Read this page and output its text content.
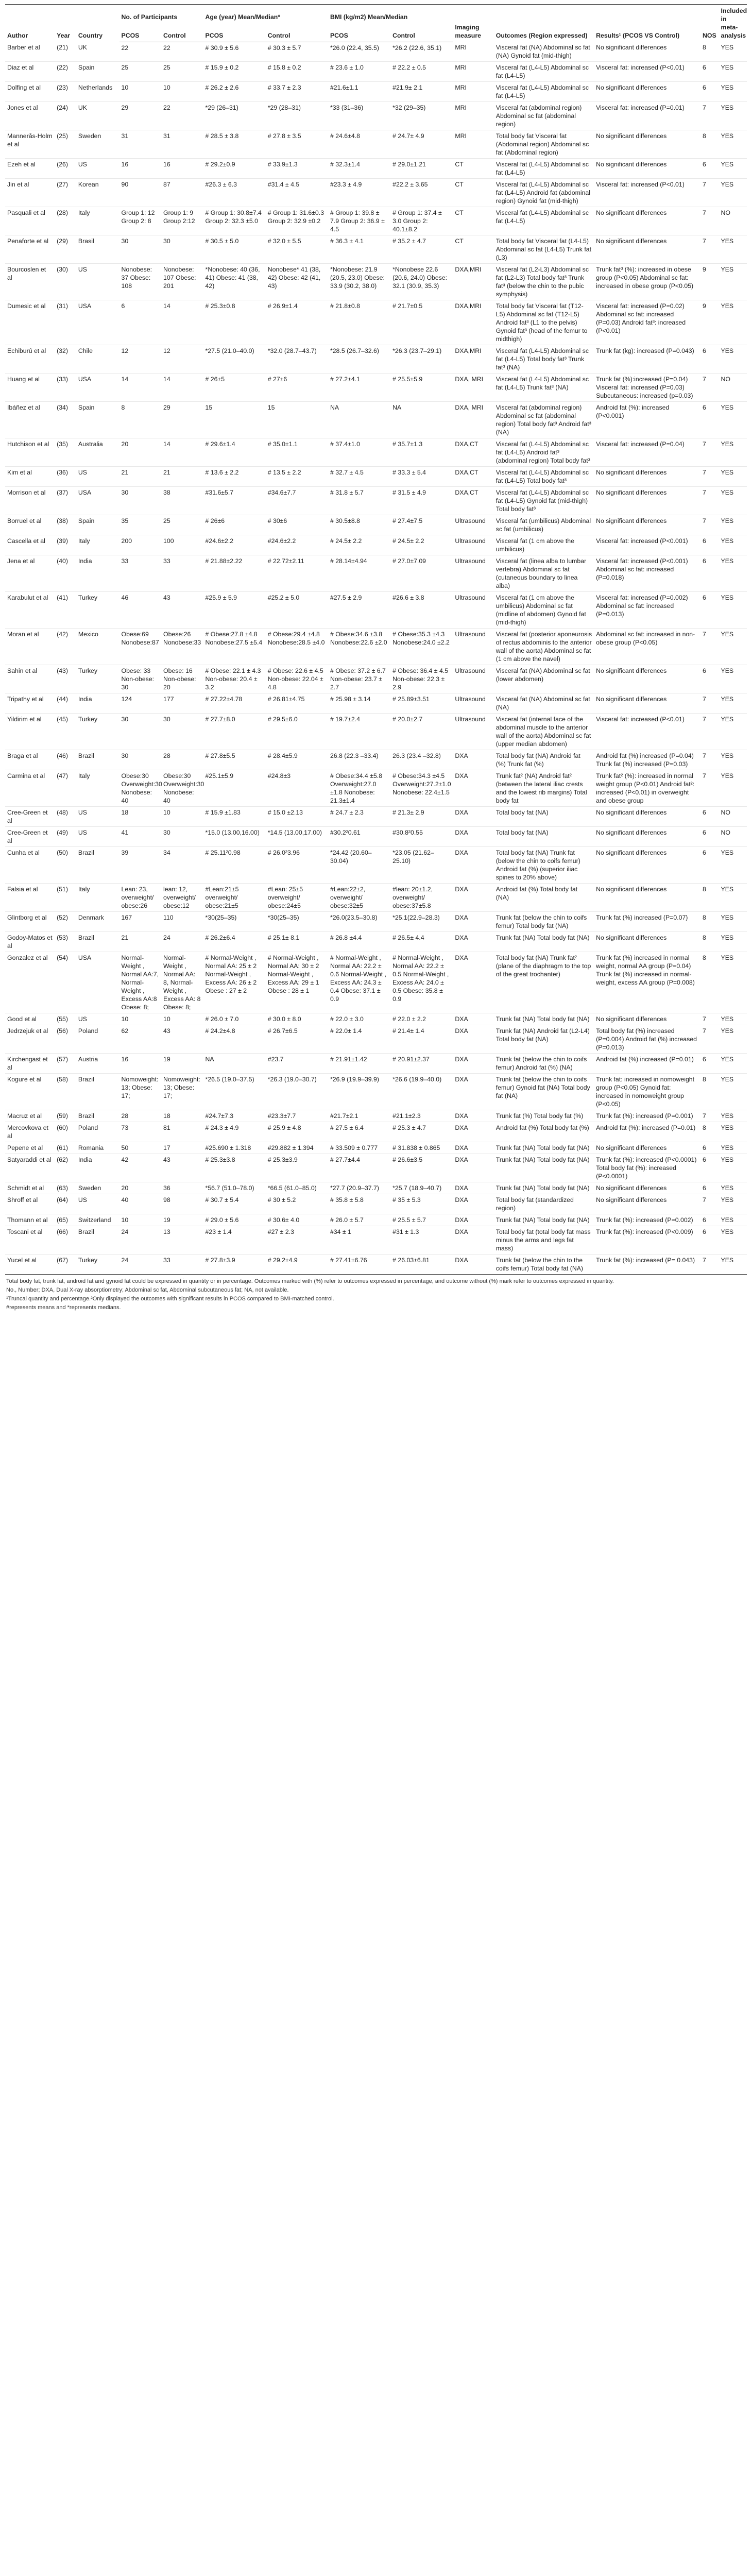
Author	Year	Country	No. of Participants		Age (year) Mean/Median*		BMI (kg/m2) Mean/Median		Imaging measure	Outcomes (Region expressed)	Results¹ (PCOS VS Control)	NOS	Included in meta-analysis
			PCOS	Control	PCOS	Control	PCOS	Control					
Barber et al	(21)	UK	22	22	# 30.9 ± 5.6	# 30.3 ± 5.7	*26.0 (22.4, 35.5)	*26.2 (22.6, 35.1)	MRI	Visceral fat (NA) Abdominal sc fat (NA) Gynoid fat (mid-thigh)	No significant differences	8	YES
Diaz et al	(22)	Spain	25	25	# 15.9 ± 0.2	# 15.8 ± 0.2	# 23.6 ± 1.0	# 22.2 ± 0.5	MRI	Visceral fat (L4-L5) Abdominal sc fat (L4-L5)	Visceral fat: increased (P<0.01)	6	YES
Dolfing et al	(23)	Netherlands	10	10	# 26.2 ± 2.6	# 33.7 ± 2.3	#21.6±1.1	#21.9± 2.1	MRI	Visceral fat (L4-L5) Abdominal sc fat (L4-L5)	No significant differences	6	YES
Jones et al	(24)	UK	29	22	*29 (26–31)	*29 (28–31)	*33 (31–36)	*32 (29–35)	MRI	Visceral fat (abdominal region) Abdominal sc fat (abdominal region)	Visceral fat: increased (P=0.01)	7	YES
Mannerås-Holm et al	(25)	Sweden	31	31	# 28.5 ± 3.8	# 27.8 ± 3.5	# 24.6±4.8	# 24.7± 4.9	MRI	Total body fat Visceral fat (Abdominal region) Abdominal sc fat (Abdominal region)	No significant differences	8	YES
Ezeh et al	(26)	US	16	16	# 29.2±0.9	# 33.9±1.3	# 32.3±1.4	# 29.0±1.21	CT	Visceral fat (L4-L5) Abdominal sc fat (L4-L5)	No significant differences	6	YES
Jin et al	(27)	Korean	90	87	#26.3 ± 6.3	#31.4 ± 4.5	#23.3 ± 4.9	#22.2 ± 3.65	CT	Visceral fat (L4-L5) Abdominal sc fat (L4-L5) Android fat (abdominal region) Gynoid fat (mid-thigh)	Visceral fat: increased (P<0.01)	7	YES
Pasquali et al	(28)	Italy	Group 1: 12 Group 2: 8	Group 1: 9 Group 2:12	# Group 1: 30.8±7.4 Group 2: 32.3 ±5.0	# Group 1: 31.6±0.3 Group 2: 32.9 ±0.2	# Group 1: 39.8 ± 7.9 Group 2: 36.9 ± 4.5	# Group 1: 37.4 ± 3.0 Group 2: 40.1±8.2	CT	Visceral fat (L4-L5) Abdominal sc fat (L4-L5)	No significant differences	7	NO
Penaforte et al	(29)	Brasil	30	30	# 30.5 ± 5.0	# 32.0 ± 5.5	# 36.3 ± 4.1	# 35.2 ± 4.7	CT	Total body fat Visceral fat (L4-L5) Abdominal sc fat (L4-L5) Trunk fat (L3)	No significant differences	7	YES
Bourcoslen et al	(30)	US	Nonobese: 37 Obese: 108	Nonobese: 107 Obese: 201	*Nonobese: 40 (36, 41) Obese: 41 (38, 42)	Nonobese* 41 (38, 42) Obese: 42 (41, 43)	*Nonobese: 21.9 (20.5, 23.0) Obese: 33.9 (30.2, 38.0)	*Nonobese 22.6 (20.6, 24.0) Obese: 32.1 (30.9, 35.3)	DXA,MRI	Visceral fat (L2-L3) Abdominal sc fat (L2-L3) Total body fat³ Trunk fat³ (below the chin to the pubic symphysis)	Trunk fat³ (%): increased in obese group (P<0.05) Abdominal sc fat: increased in obese group (P<0.05)	9	YES
Dumesic et al	(31)	USA	6	14	# 25.3±0.8	# 26.9±1.4	# 21.8±0.8	# 21.7±0.5	DXA,MRI	Total body fat Visceral fat (T12-L5) Abdominal sc fat (T12-L5) Android fat³ (L1 to the pelvis) Gynoid fat³ (head of the femur to midthigh)	Visceral fat: increased (P=0.02) Abdominal sc fat: increased (P=0.03) Android fat³: increased (P<0.01)	9	YES
Echiburú et al	(32)	Chile	12	12	*27.5 (21.0–40.0)	*32.0 (28.7–43.7)	*28.5 (26.7–32.6)	*26.3 (23.7–29.1)	DXA,MRI	Visceral fat (L4-L5) Abdominal sc fat (L4-L5) Total body fat³ Trunk fat³ (NA)	Trunk fat (kg): increased (P=0.043)	6	YES
Huang et al	(33)	USA	14	14	# 26±5	# 27±6	# 27.2±4.1	# 25.5±5.9	DXA, MRI	Visceral fat (L4-L5) Abdominal sc fat (L4-L5) Trunk fat³ (NA)	Trunk fat (%):increased (P=0.04) Visceral fat: increased (P=0.03) Subcutaneous: increased (p=0.03)	7	NO
Ibáñez et al	(34)	Spain	8	29	15	15	NA	NA	DXA, MRI	Visceral fat (abdominal region) Abdominal sc fat (abdominal region) Total body fat³ Android fat³ (NA)	Android fat (%): increased (P<0.001)	6	YES
Hutchison et al	(35)	Australia	20	14	# 29.6±1.4	# 35.0±1.1	# 37.4±1.0	# 35.7±1.3	DXA,CT	Visceral fat (L4-L5) Abdominal sc fat (L4-L5) Android fat³ (abdominal region) Total body fat³	Visceral fat: increased (P=0.04)	7	YES
Kim et al	(36)	US	21	21	# 13.6 ± 2.2	# 13.5 ± 2.2	# 32.7 ± 4.5	# 33.3 ± 5.4	DXA,CT	Visceral fat (L4-L5) Abdominal sc fat (L4-L5) Total body fat³	No significant differences	7	YES
Morrison et al	(37)	USA	30	38	#31.6±5.7	#34.6±7.7	# 31.8 ± 5.7	# 31.5 ± 4.9	DXA,CT	Visceral fat (L4-L5) Abdominal sc fat (L4-L5) Gynoid fat (mid-thigh) Total body fat³	No significant differences	7	YES
Borruel et al	(38)	Spain	35	25	# 26±6	# 30±6	# 30.5±8.8	# 27.4±7.5	Ultrasound	Visceral fat (umbilicus) Abdominal sc fat (umbilicus)	No significant differences	7	YES
Cascella et al	(39)	Italy	200	100	#24.6±2.2	#24.6±2.2	# 24.5± 2.2	# 24.5± 2.2	Ultrasound	Visceral fat (1 cm above the umbilicus)	Visceral fat: increased (P<0.001)	6	YES
Jena et al	(40)	India	33	33	# 21.88±2.22	# 22.72±2.11	# 28.14±4.94	# 27.0±7.09	Ultrasound	Visceral fat (linea alba to lumbar vertebra) Abdominal sc fat (cutaneous boundary to linea alba)	Visceral fat: increased (P<0.001) Abdominal sc fat: increased (P=0.018)	6	YES
Karabulut et al	(41)	Turkey	46	43	#25.9 ± 5.9	#25.2 ± 5.0	#27.5 ± 2.9	#26.6 ± 3.8	Ultrasound	Visceral fat (1 cm above the umbilicus) Abdominal sc fat (midline of abdomen) Gynoid fat (mid-thigh)	Visceral fat: increased (P=0.002) Abdominal sc fat: increased (P=0.013)	6	YES
Moran et al	(42)	Mexico	Obese:69 Nonobese:87	Obese:26 Nonobese:33	# Obese:27.8 ±4.8 Nonobese:27.5 ±5.4	# Obese:29.4 ±4.8 Nonobese:28.5 ±4.0	# Obese:34.6 ±3.8 Nonobese:22.6 ±2.0	# Obese:35.3 ±4.3 Nonobese:24.0 ±2.2	Ultrasound	Visceral fat (posterior aponeurosis of rectus abdominis to the anterior wall of the aorta) Abdominal sc fat (1 cm above the navel)	Abdominal sc fat: increased in non-obese group (P<0.05)	7	YES
Sahin et al	(43)	Turkey	Obese: 33 Non-obese: 30	Obese: 16 Non-obese: 20	# Obese: 22.1 ± 4.3 Non-obese: 20.4 ± 3.2	# Obese: 22.6 ± 4.5 Non-obese: 22.04 ± 4.8	# Obese: 37.2 ± 6.7 Non-obese: 23.7 ± 2.7	# Obese: 36.4 ± 4.5 Non-obese: 22.3 ± 2.9	Ultrasound	Visceral fat (NA) Abdominal sc fat (lower abdomen)	No significant differences	6	YES
Tripathy et al	(44)	India	124	177	# 27.22±4.78	# 26.81±4.75	# 25.98 ± 3.14	# 25.89±3.51	Ultrasound	Visceral fat (NA) Abdominal sc fat (NA)	No significant differences	7	YES
Yildirim et al	(45)	Turkey	30	30	# 27.7±8.0	# 29.5±6.0	# 19.7±2.4	# 20.0±2.7	Ultrasound	Visceral fat (internal face of the abdominal muscle to the anterior wall of the aorta) Abdominal sc fat (upper median abdomen)	Visceral fat: increased (P<0.01)	7	YES
Braga et al	(46)	Brazil	30	28	# 27.8±5.5	# 28.4±5.9	26.8 (22.3 –33.4)	26.3 (23.4 –32.8)	DXA	Total body fat (NA) Android fat (%) Trunk fat (%)	Android fat (%) increased (P=0.04) Trunk fat (%) increased (P=0.03)	7	YES
Carmina et al	(47)	Italy	Obese:30 Overweight:30 Nonobese: 40	Obese:30 Overweight:30 Nonobese: 40	#25.1±5.9	#24.8±3	# Obese:34.4 ±5.8 Overweight:27.0 ±1.8 Nonobese: 21.3±1.4	# Obese:34.3 ±4.5 Overweight:27.2±1.0 Nonobese: 22.4±1.5	DXA	Trunk fat² (NA) Android fat² (between the lateral iliac crests and the lowest rib margins) Total body fat	Trunk fat² (%): increased in normal weight group (P<0.01) Android fat²: increased (P<0.01) in overweight and obese group	7	YES
Cree-Green et al	(48)	US	18	10	# 15.9 ±1.83	# 15.0 ±2.13	# 24.7 ± 2.3	# 21.3± 2.9	DXA	Total body fat (NA)	No significant differences	6	NO
Cree-Green et al	(49)	US	41	30	*15.0 (13.00,16.00)	*14.5 (13.00,17.00)	#30.2²0.61	#30.8²0.55	DXA	Total body fat (NA)	No significant differences	6	NO
Cunha et al	(50)	Brazil	39	34	# 25.11²0.98	# 26.0²3.96	*24.42 (20.60–30.04)	*23.05 (21.62–25.10)	DXA	Total body fat (NA) Trunk fat (below the chin to coifs femur) Android fat (%) (superior iliac spines to 20% above)	No significant differences	6	YES
Falsia et al	(51)	Italy	Lean: 23, overweight/ obese:26	lean: 12, overweight/ obese:12	#Lean:21±5 overweight/ obese:21±5	#Lean: 25±5 overweight/ obese:24±5	#Lean:22±2, overweight/ obese:32±5	#lean: 20±1.2, overweight/ obese:37±5.8	DXA	Android fat (%) Total body fat (NA)	No significant differences	8	YES
Glintborg et al	(52)	Denmark	167	110	*30(25–35)	*30(25–35)	*26.0(23.5–30.8)	*25.1(22.9–28.3)	DXA	Trunk fat (below the chin to coifs femur) Total body fat (NA)	Trunk fat (%) increased (P=0.07)	8	YES
Godoy-Matos et al	(53)	Brazil	21	24	# 26.2±6.4	# 25.1± 8.1	# 26.8 ±4.4	# 26.5± 4.4	DXA	Trunk fat (NA) Total body fat (NA)	No significant differences	8	YES
Gonzalez et al	(54)	USA	Normal-Weight , Normal AA:7, Normal-Weight , Excess AA:8 Obese: 8;	Normal-Weight , Normal AA: 8, Normal-Weight , Excess AA: 8 Obese: 8;	# Normal-Weight , Normal AA: 25 ± 2 Normal-Weight , Excess AA: 26 ± 2 Obese : 27 ± 2	# Normal-Weight , Normal AA: 30 ± 2 Normal-Weight , Excess AA: 29 ± 1 Obese : 28 ± 1	# Normal-Weight , Normal AA: 22.2 ± 0.6 Normal-Weight , Excess AA: 24.3 ± 0.4 Obese: 37.1 ± 0.9	# Normal-Weight , Normal AA: 22.2 ± 0.5 Normal-Weight , Excess AA: 24.0 ± 0.5 Obese: 35.8 ± 0.9	DXA	Total body fat (NA) Trunk fat² (plane of the diaphragm to the top of the great trochanter)	Trunk fat (%) increased in normal weight, normal AA group (P=0.04) Trunk fat (%) increased in normal-weight, excess AA group (P=0.008)	8	YES
Good et al	(55)	US	10	10	# 26.0 ± 7.0	# 30.0 ± 8.0	# 22.0 ± 3.0	# 22.0 ± 2.2	DXA	Trunk fat (NA) Total body fat (NA)	No significant differences	7	YES
Jedrzejuk et al	(56)	Poland	62	43	# 24.2±4.8	# 26.7±6.5	# 22.0± 1.4	# 21.4± 1.4	DXA	Trunk fat (NA) Android fat (L2-L4) Total body fat (NA)	Total body fat (%) increased (P=0.004) Android fat (%) increased (P=0.013)	7	YES
Kirchengast et al	(57)	Austria	16	19	NA	#23.7	# 21.91±1.42	# 20.91±2.37	DXA	Trunk fat (below the chin to coifs femur) Android fat (%) (NA)	Android fat (%) increased (P=0.01)	6	YES
Kogure et al	(58)	Brazil	Nomoweight: 13; Obese: 17;	Nomoweight: 13; Obese: 17;	*26.5 (19.0–37.5)	*26.3 (19.0–30.7)	*26.9 (19.9–39.9)	*26.6 (19.9–40.0)	DXA	Trunk fat (below the chin to coifs femur) Gynoid fat (NA) Total body fat (NA)	Trunk fat: increased in nomoweight group (P<0.05) Gynoid fat: increased in nomoweight group (P<0.05)	8	YES
Macruz et al	(59)	Brazil	28	18	#24.7±7.3	#23.3±7.7	#21.7±2.1	#21.1±2.3	DXA	Trunk fat (%) Total body fat (%)	Trunk fat (%): increased (P=0.001)	7	YES
Mercovkova et al	(60)	Poland	73	81	# 24.3 ± 4.9	# 25.9 ± 4.8	# 27.5 ± 6.4	# 25.3 ± 4.7	DXA	Android fat (%) Total body fat (%)	Android fat (%): increased (P=0.01)	8	YES
Pepene et al	(61)	Romania	50	17	#25.690 ± 1.318	#29.882 ± 1.394	# 33.509 ± 0.777	# 31.838 ± 0.865	DXA	Trunk fat (NA) Total body fat (NA)	No significant differences	6	YES
Satyaraddi et al	(62)	India	42	43	# 25.3±3.8	# 25.3±3.9	# 27.7±4.4	# 26.6±3.5	DXA	Trunk fat (NA) Total body fat (NA)	Trunk fat (%): increased (P<0.0001) Total body fat (%): increased (P<0.0001)	6	YES
Schmidt et al	(63)	Sweden	20	36	*56.7 (51.0–78.0)	*66.5 (61.0–85.0)	*27.7 (20.9–37.7)	*25.7 (18.9–40.7)	DXA	Trunk fat (NA) Total body fat (NA)	No significant differences	6	YES
Shroff et al	(64)	US	40	98	# 30.7 ± 5.4	# 30 ± 5.2	# 35.8 ± 5.8	# 35 ± 5.3	DXA	Total body fat (standardized region)	No significant differences	7	YES
Thomann et al	(65)	Switzerland	10	19	# 29.0 ± 5.6	# 30.6± 4.0	# 26.0 ± 5.7	# 25.5 ± 5.7	DXA	Trunk fat (NA) Total body fat (NA)	Trunk fat (%): increased (P=0.002)	6	YES
Toscani et al	(66)	Brazil	24	13	#23 ± 1.4	#27 ± 2.3	#34 ± 1	#31 ± 1.3	DXA	Total body fat (total body fat mass minus the arms and legs fat mass)	Trunk fat (%): increased (P<0.009)	6	YES
Yucel et al	(67)	Turkey	24	33	# 27.8±3.9	# 29.2±4.9	# 27.41±6.76	# 26.03±6.81	DXA	Trunk fat (below the chin to the coifs femur) Total body fat (NA)	Trunk fat (%): increased (P= 0.043)	7	YES
Total body fat, trunk fat, android fat and gynoid fat could be expressed in quantity or in percentage. Outcomes marked with (%) refer to outcomes expressed in percentage, and outcome without (%) mark refer to outcomes expressed in quantity.
No., Number; DXA, Dual X-ray absorptiometry; Abdominal sc fat, Abdominal subcutaneous fat; NA, not available.
¹Truncal quantity and percentage.²Only displayed the outcomes with significant results in PCOS compared to BMI-matched control.
#represents means and *represents medians.
